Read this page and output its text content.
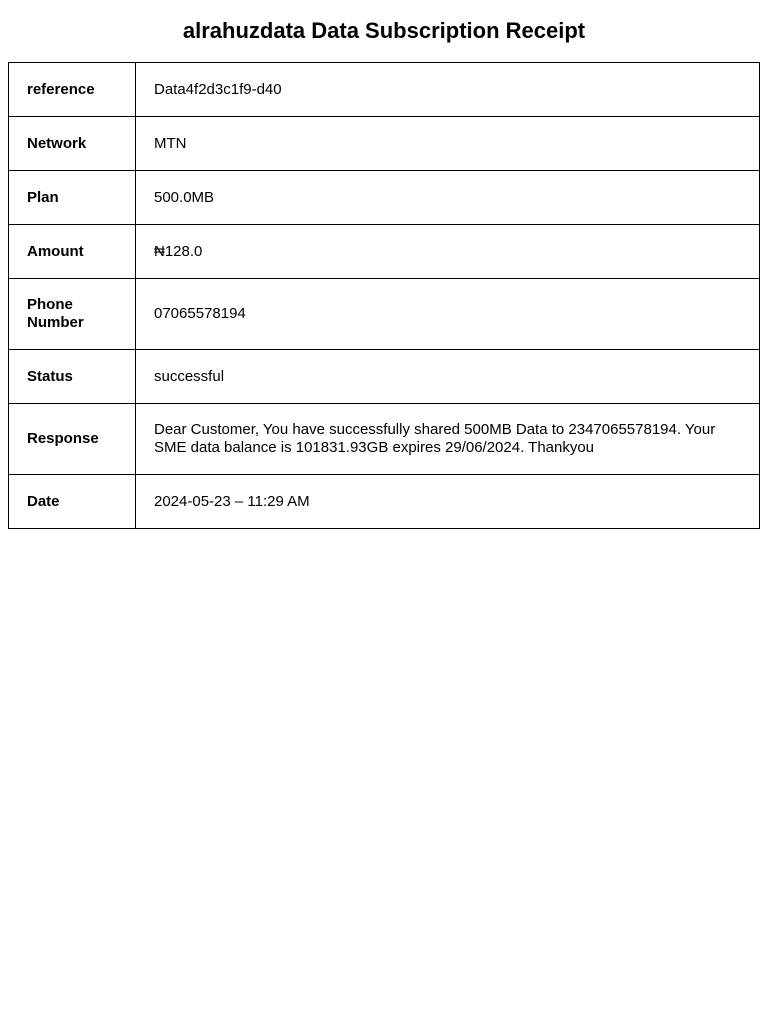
alrahuzdata Data Subscription Receipt
reference	Data4f2d3c1f9-d40
Network	MTN
Plan	500.0MB
Amount	₦128.0
Phone Number	07065578194
Status	successful
Response	Dear Customer, You have successfully shared 500MB Data to 2347065578194. Your SME data balance is 101831.93GB expires 29/06/2024. Thankyou
Date	2024-05-23 – 11:29 AM
